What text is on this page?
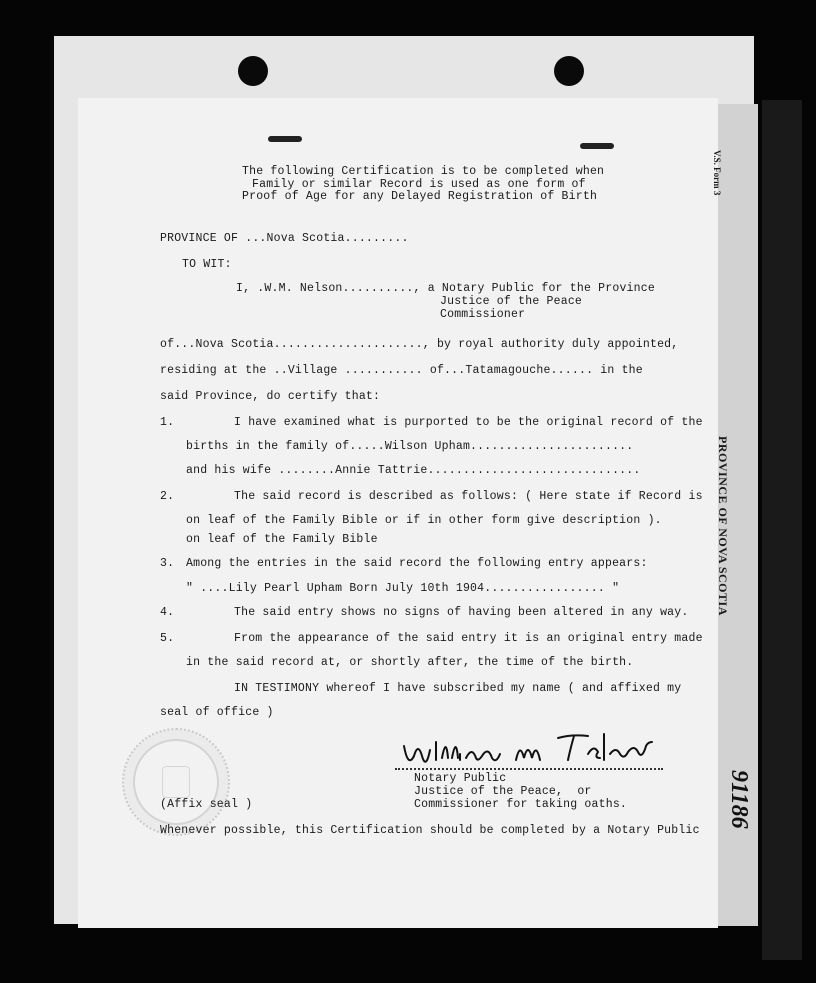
V.S. Form 3
PROVINCE OF NOVA SCOTIA
91186
The following Certification is to be completed when
Family or similar Record is used as one form of
Proof of Age for any Delayed Registration of Birth
PROVINCE OF ...Nova Scotia.........
TO WIT:
I, .W.M. Nelson.........., a Notary Public for the Province
Justice of the Peace
Commissioner
of...Nova Scotia....................., by royal authority duly appointed,
residing at the ..Village ........... of...Tatamagouche...... in the
said Province, do certify that:
1.	I have examined what is purported to be the original record of the
births in the family of.....Wilson Upham.......................
and his wife ........Annie Tattrie..............................
2.	The said record is described as follows: ( Here state if Record is
on leaf of the Family Bible or if in other form give description ).
on leaf of the Family Bible
3. Among the entries in the said record the following entry appears:
" ....Lily Pearl Upham Born July 10th 1904................. "
4.	The said entry shows no signs of having been altered in any way.
5.	From the appearance of the said entry it is an original entry made
in the said record at, or shortly after, the time of the birth.
IN TESTIMONY whereof I have subscribed my name ( and affixed my
seal of office )
Notary Public
Justice of the Peace,  or
Commissioner for taking oaths.
(Affix seal )
Whenever possible, this Certification should be completed by a Notary Public
